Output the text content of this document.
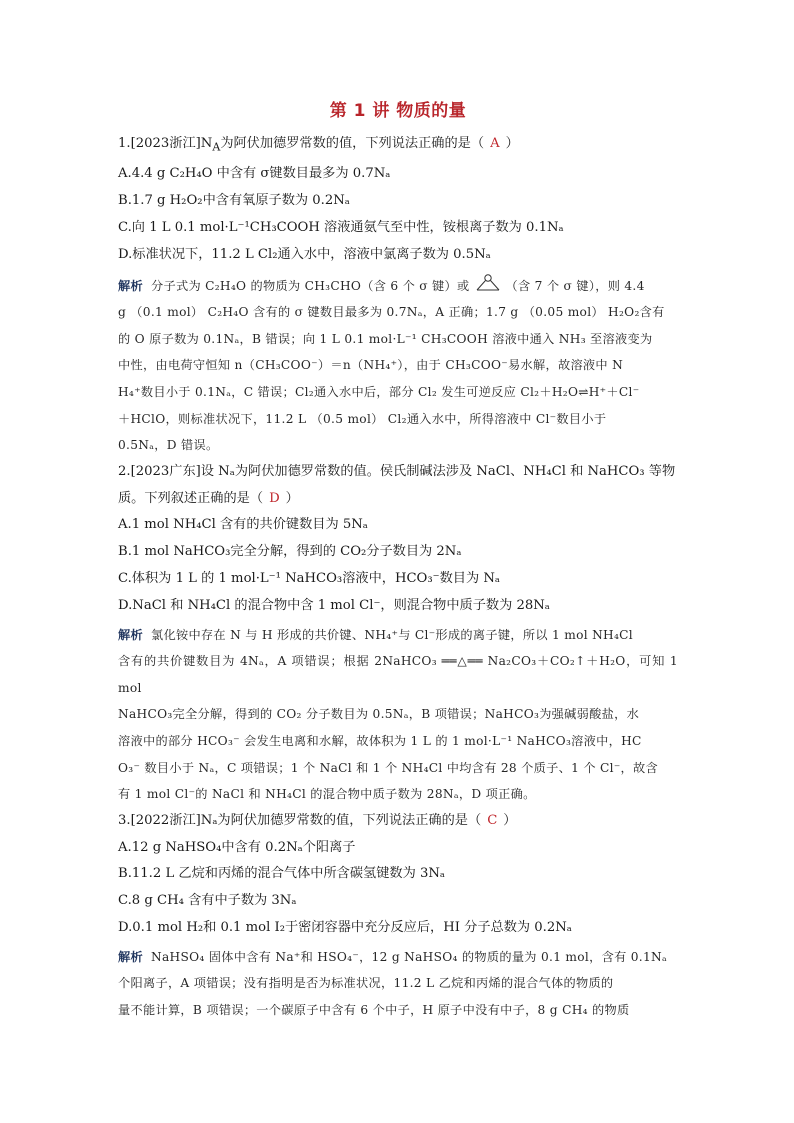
第 1 讲 物质的量

1.[2023浙江]$N_A$为阿伏加德罗常数的值，下列说法正确的是（ A ）

A.4.4 g C₂H₄O 中含有 σ键数目最多为 0.7Nₐ

B.1.7 g H₂O₂中含有氧原子数为 0.2Nₐ

C.向 1 L 0.1 mol·L⁻¹CH₃COOH 溶液通氨气至中性，铵根离子数为 0.1Nₐ

D.标准状况下，11.2 L Cl₂通入水中，溶液中氯离子数为 0.5Nₐ

解析 分子式为 C₂H₄O 的物质为 CH₃CHO（含 6 个 σ 键）或	（含 7 个 σ 键），则 4.4

g （0.1 mol） C₂H₄O 含有的 σ 键数目最多为 0.7Nₐ，A 正确；1.7 g （0.05 mol） H₂O₂含有

的 O 原子数为 0.1Nₐ，B 错误；向 1 L 0.1 mol·L⁻¹ CH₃COOH 溶液中通入 NH₃ 至溶液变为

中性，由电荷守恒知 n（CH₃COO⁻）＝n（NH₄⁺），由于 CH₃COO⁻易水解，故溶液中 N

H₄⁺数目小于 0.1Nₐ，C 错误；Cl₂通入水中后，部分 Cl₂ 发生可逆反应 Cl₂＋H₂O⇌H⁺＋Cl⁻

＋HClO，则标准状况下，11.2 L （0.5 mol） Cl₂通入水中，所得溶液中 Cl⁻数目小于

0.5Nₐ，D 错误。

2.[2023广东]设 Nₐ为阿伏加德罗常数的值。侯氏制碱法涉及 NaCl、NH₄Cl 和 NaHCO₃ 等物

质。下列叙述正确的是（ D ）

A.1 mol NH₄Cl 含有的共价键数目为 5Nₐ

B.1 mol NaHCO₃完全分解，得到的 CO₂分子数目为 2Nₐ

C.体积为 1 L 的 1 mol·L⁻¹ NaHCO₃溶液中，HCO₃⁻数目为 Nₐ

D.NaCl 和 NH₄Cl 的混合物中含 1 mol Cl⁻，则混合物中质子数为 28Nₐ

解析 氯化铵中存在 N 与 H 形成的共价键、NH₄⁺与 Cl⁻形成的离子键，所以 1 mol NH₄Cl

含有的共价键数目为 4Nₐ，A 项错误；根据 2NaHCO₃ ══△══ Na₂CO₃＋CO₂↑＋H₂O，可知 1 mol

NaHCO₃完全分解，得到的 CO₂ 分子数目为 0.5Nₐ，B 项错误；NaHCO₃为强碱弱酸盐，水

溶液中的部分 HCO₃⁻ 会发生电离和水解，故体积为 1 L 的 1 mol·L⁻¹ NaHCO₃溶液中，HC

O₃⁻ 数目小于 Nₐ，C 项错误；1 个 NaCl 和 1 个 NH₄Cl 中均含有 28 个质子、1 个 Cl⁻，故含

有 1 mol Cl⁻的 NaCl 和 NH₄Cl 的混合物中质子数为 28Nₐ，D 项正确。

3.[2022浙江]Nₐ为阿伏加德罗常数的值，下列说法正确的是（ C ）

A.12 g NaHSO₄中含有 0.2Nₐ个阳离子

B.11.2 L 乙烷和丙烯的混合气体中所含碳氢键数为 3Nₐ

C.8 g CH₄ 含有中子数为 3Nₐ

D.0.1 mol H₂和 0.1 mol I₂于密闭容器中充分反应后，HI 分子总数为 0.2Nₐ

解析 NaHSO₄ 固体中含有 Na⁺和 HSO₄⁻，12 g NaHSO₄ 的物质的量为 0.1 mol，含有 0.1Nₐ

个阳离子，A 项错误；没有指明是否为标准状况，11.2 L 乙烷和丙烯的混合气体的物质的

量不能计算，B 项错误；一个碳原子中含有 6 个中子，H 原子中没有中子，8 g CH₄ 的物质
